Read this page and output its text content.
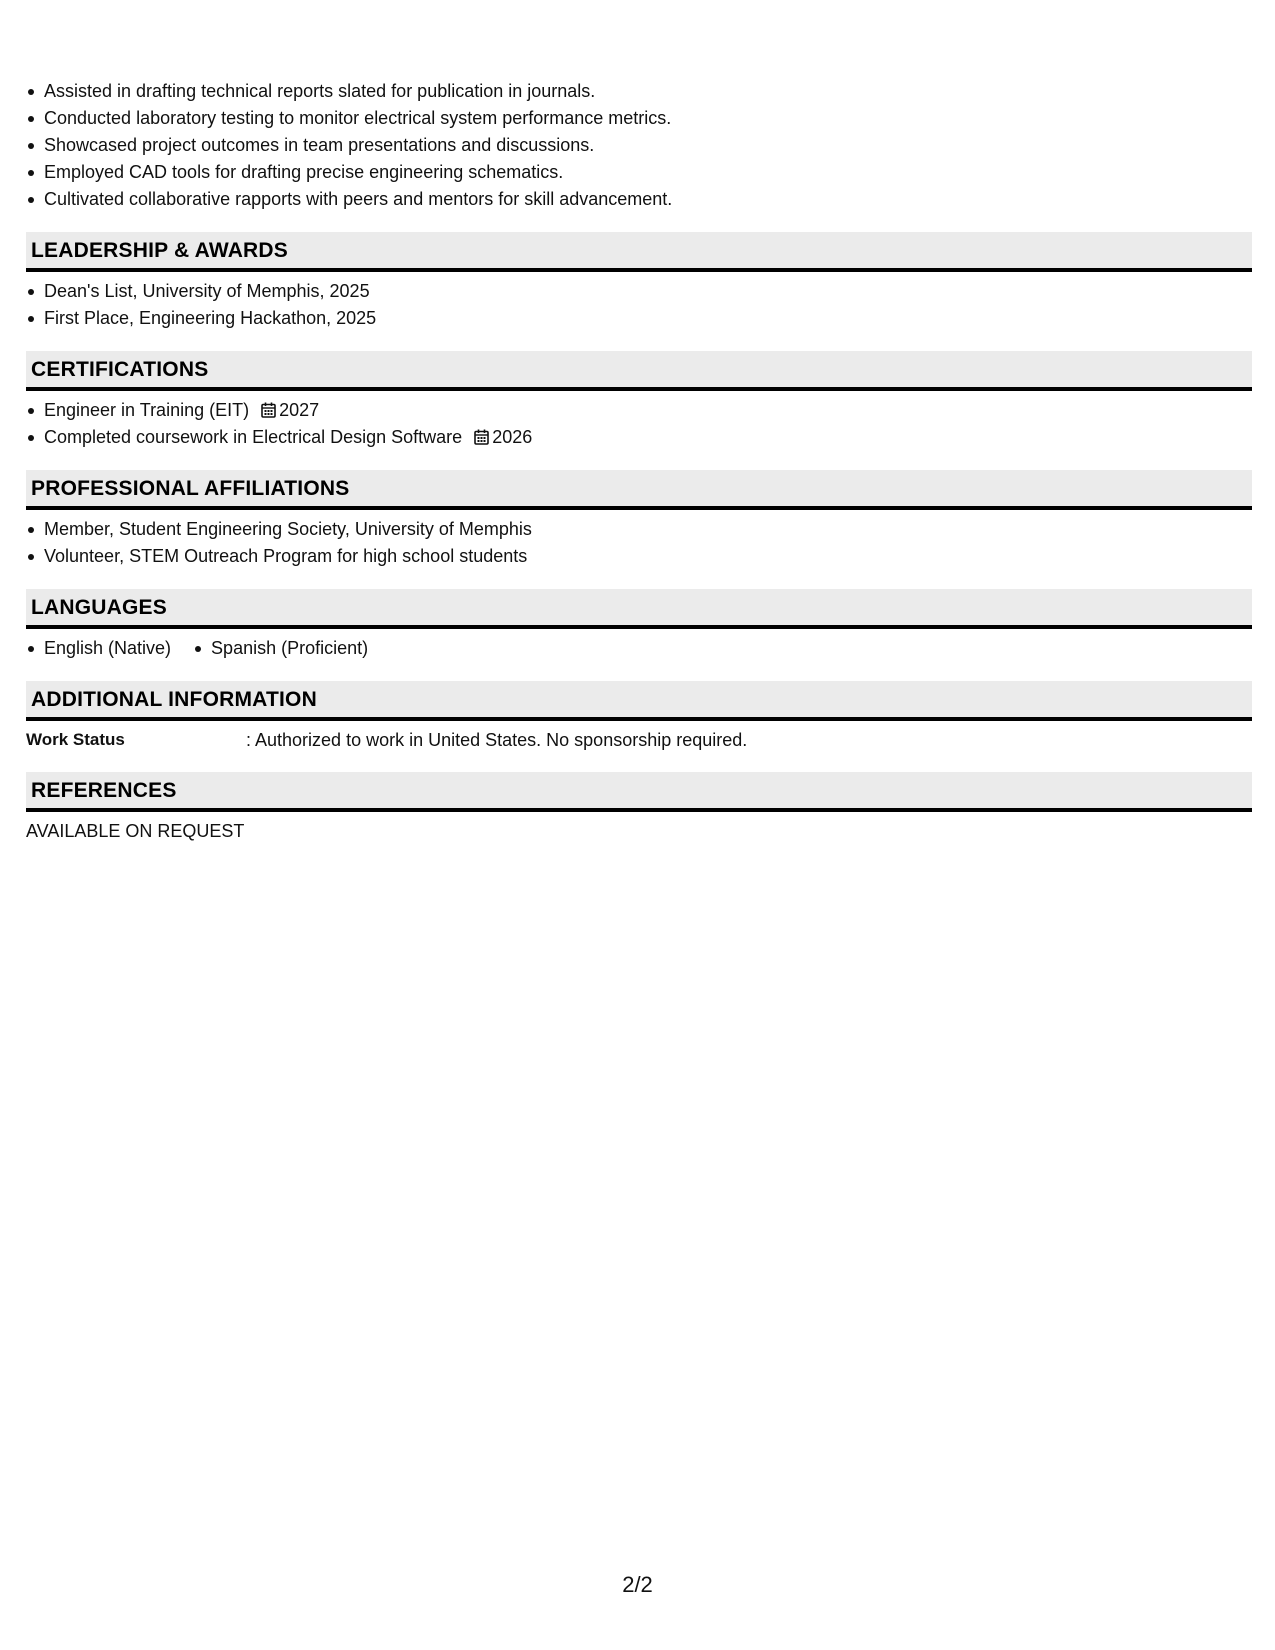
Assisted in drafting technical reports slated for publication in journals.
Conducted laboratory testing to monitor electrical system performance metrics.
Showcased project outcomes in team presentations and discussions.
Employed CAD tools for drafting precise engineering schematics.
Cultivated collaborative rapports with peers and mentors for skill advancement.
LEADERSHIP & AWARDS
Dean's List, University of Memphis, 2025
First Place, Engineering Hackathon, 2025
CERTIFICATIONS
Engineer in Training (EIT) 2027
Completed coursework in Electrical Design Software 2026
PROFESSIONAL AFFILIATIONS
Member, Student Engineering Society, University of Memphis
Volunteer, STEM Outreach Program for high school students
LANGUAGES
English (Native) Spanish (Proficient)
ADDITIONAL INFORMATION
Work Status	: Authorized to work in United States. No sponsorship required.
REFERENCES
AVAILABLE ON REQUEST
2/2
